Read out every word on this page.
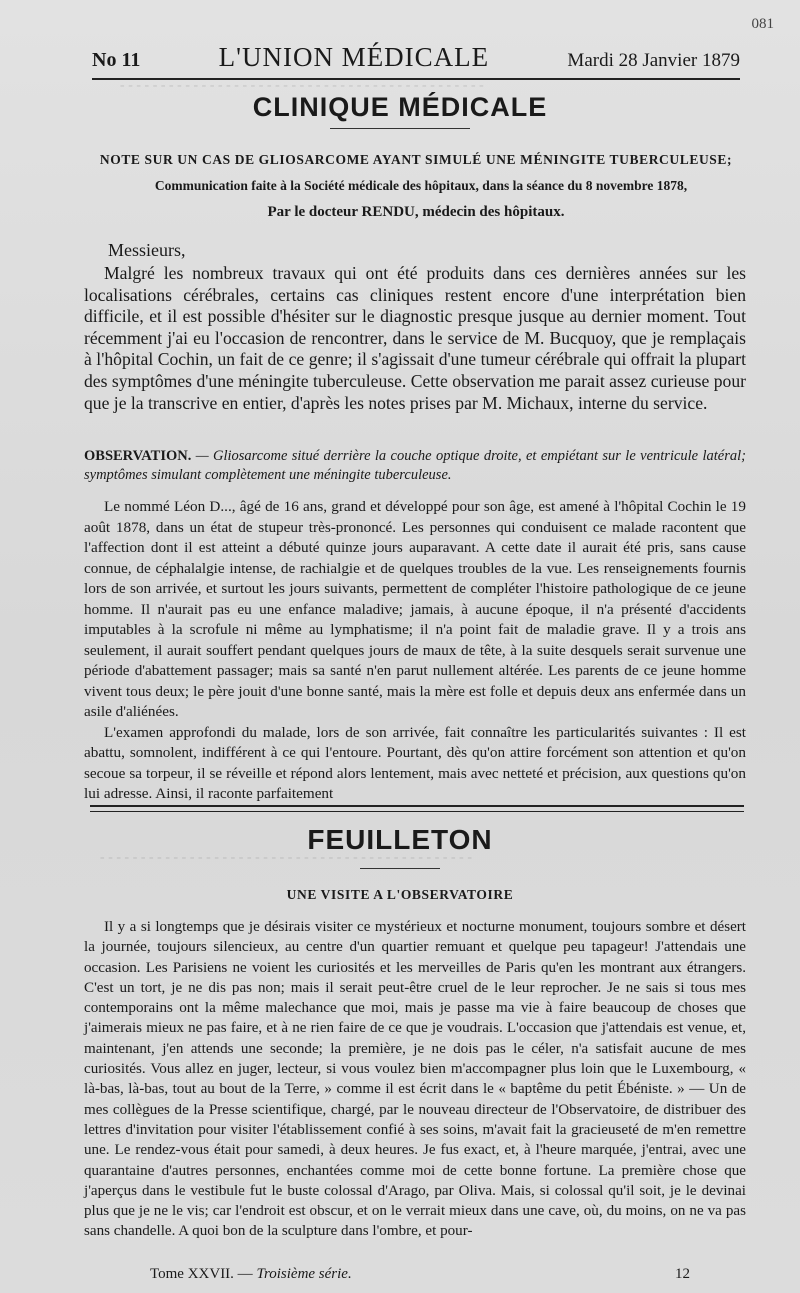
- - - - - - - - - - - - - - - - - - - - - - - - - - - - - - - - - - - - - - - - - - - - -
- - - - - - - - - - - - - - - - - - - - - - - - - - - - - - - - - - - - - - - - - - - - - -
081
No 11	L'UNION MÉDICALE	Mardi 28 Janvier 1879
CLINIQUE MÉDICALE
NOTE SUR UN CAS DE GLIOSARCOME AYANT SIMULÉ UNE MÉNINGITE TUBERCULEUSE;
Communication faite à la Société médicale des hôpitaux, dans la séance du 8 novembre 1878,
Par le docteur RENDU, médecin des hôpitaux.
Messieurs,
Malgré les nombreux travaux qui ont été produits dans ces dernières années sur les localisations cérébrales, certains cas cliniques restent encore d'une interprétation bien difficile, et il est possible d'hésiter sur le diagnostic presque jusque au dernier moment. Tout récemment j'ai eu l'occasion de rencontrer, dans le service de M. Bucquoy, que je remplaçais à l'hôpital Cochin, un fait de ce genre; il s'agissait d'une tumeur cérébrale qui offrait la plupart des symptômes d'une méningite tuberculeuse. Cette observation me parait assez curieuse pour que je la transcrive en entier, d'après les notes prises par M. Michaux, interne du service.
OBSERVATION. — Gliosarcome situé derrière la couche optique droite, et empiétant sur le ventricule latéral; symptômes simulant complètement une méningite tuberculeuse.

Le nommé Léon D..., âgé de 16 ans, grand et développé pour son âge, est amené à l'hôpital Cochin le 19 août 1878, dans un état de stupeur très-prononcé. Les personnes qui conduisent ce malade racontent que l'affection dont il est atteint a débuté quinze jours auparavant. A cette date il aurait été pris, sans cause connue, de céphalalgie intense, de rachialgie et de quelques troubles de la vue. Les renseignements fournis lors de son arrivée, et surtout les jours suivants, permettent de compléter l'histoire pathologique de ce jeune homme. Il n'aurait pas eu une enfance maladive; jamais, à aucune époque, il n'a présenté d'accidents imputables à la scrofule ni même au lymphatisme; il n'a point fait de maladie grave. Il y a trois ans seulement, il aurait souffert pendant quelques jours de maux de tête, à la suite desquels serait survenue une période d'abattement passager; mais sa santé n'en parut nullement altérée. Les parents de ce jeune homme vivent tous deux; le père jouit d'une bonne santé, mais la mère est folle et depuis deux ans enfermée dans un asile d'aliénées.

L'examen approfondi du malade, lors de son arrivée, fait connaître les particularités suivantes : Il est abattu, somnolent, indifférent à ce qui l'entoure. Pourtant, dès qu'on attire forcément son attention et qu'on secoue sa torpeur, il se réveille et répond alors lentement, mais avec netteté et précision, aux questions qu'on lui adresse. Ainsi, il raconte parfaitement

FEUILLETON
UNE VISITE A L'OBSERVATOIRE

Il y a si longtemps que je désirais visiter ce mystérieux et nocturne monument, toujours sombre et désert la journée, toujours silencieux, au centre d'un quartier remuant et quelque peu tapageur! J'attendais une occasion. Les Parisiens ne voient les curiosités et les merveilles de Paris qu'en les montrant aux étrangers. C'est un tort, je ne dis pas non; mais il serait peut-être cruel de le leur reprocher. Je ne sais si tous mes contemporains ont la même malechance que moi, mais je passe ma vie à faire beaucoup de choses que j'aimerais mieux ne pas faire, et à ne rien faire de ce que je voudrais. L'occasion que j'attendais est venue, et, maintenant, j'en attends une seconde; la première, je ne dois pas le céler, n'a satisfait aucune de mes curiosités. Vous allez en juger, lecteur, si vous voulez bien m'accompagner plus loin que le Luxembourg, « là-bas, là-bas, tout au bout de la Terre, » comme il est écrit dans le « baptême du petit Ébéniste. » — Un de mes collègues de la Presse scientifique, chargé, par le nouveau directeur de l'Observatoire, de distribuer des lettres d'invitation pour visiter l'établissement confié à ses soins, m'avait fait la gracieuseté de m'en remettre une. Le rendez-vous était pour samedi, à deux heures. Je fus exact, et, à l'heure marquée, j'entrai, avec une quarantaine d'autres personnes, enchantées comme moi de cette bonne fortune. La première chose que j'aperçus dans le vestibule fut le buste colossal d'Arago, par Oliva. Mais, si colossal qu'il soit, je le devinai plus que je ne le vis; car l'endroit est obscur, et on le verrait mieux dans une cave, où, du moins, on ne va pas sans chandelle. A quoi bon de la sculpture dans l'ombre, et pour-

Tome XXVII. — Troisième série.	12
